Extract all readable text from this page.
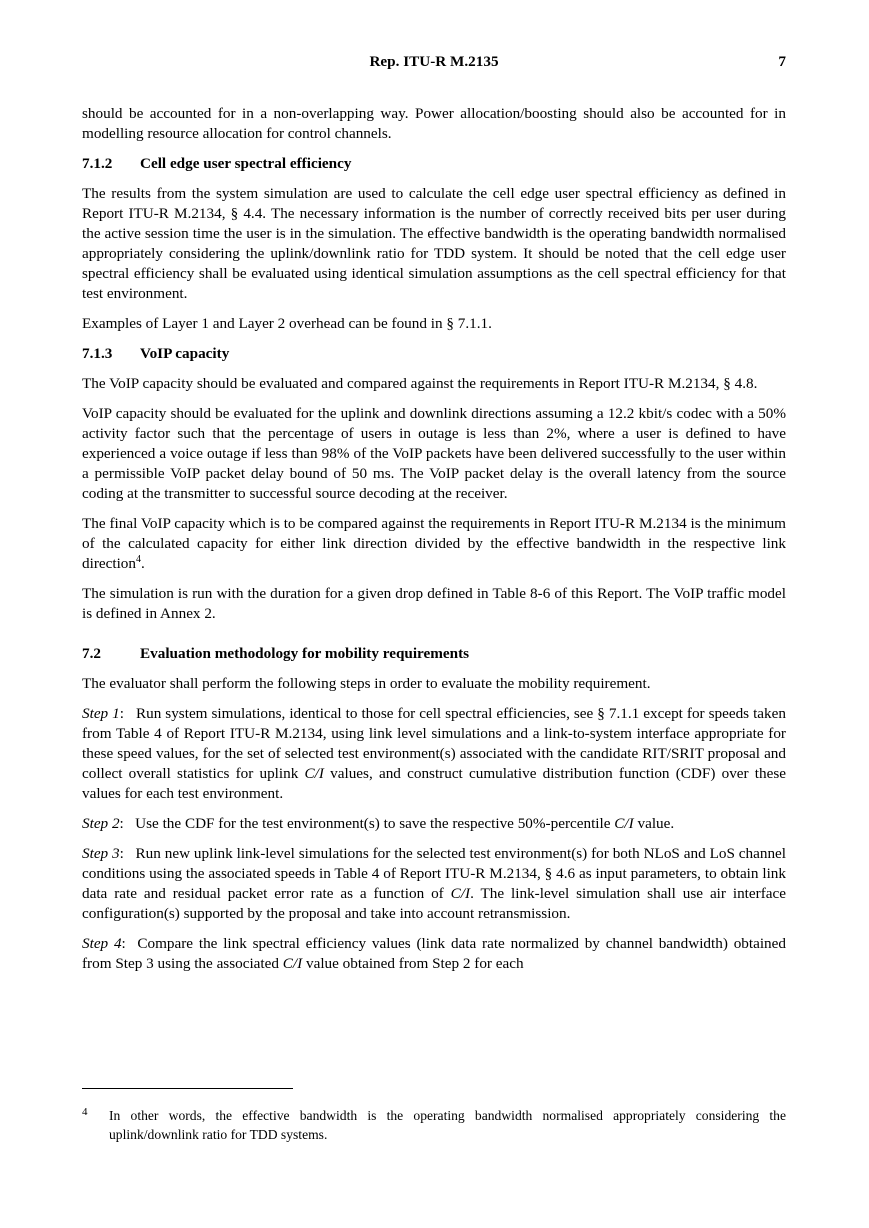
Rep. ITU-R M.2135	7

should be accounted for in a non-overlapping way. Power allocation/boosting should also be accounted for in modelling resource allocation for control channels.

7.1.2 Cell edge user spectral efficiency

The results from the system simulation are used to calculate the cell edge user spectral efficiency as defined in Report ITU-R M.2134, § 4.4. The necessary information is the number of correctly received bits per user during the active session time the user is in the simulation. The effective bandwidth is the operating bandwidth normalised appropriately considering the uplink/downlink ratio for TDD system. It should be noted that the cell edge user spectral efficiency shall be evaluated using identical simulation assumptions as the cell spectral efficiency for that test environment.

Examples of Layer 1 and Layer 2 overhead can be found in § 7.1.1.

7.1.3 VoIP capacity

The VoIP capacity should be evaluated and compared against the requirements in Report ITU-R M.2134, § 4.8.

VoIP capacity should be evaluated for the uplink and downlink directions assuming a 12.2 kbit/s codec with a 50% activity factor such that the percentage of users in outage is less than 2%, where a user is defined to have experienced a voice outage if less than 98% of the VoIP packets have been delivered successfully to the user within a permissible VoIP packet delay bound of 50 ms. The VoIP packet delay is the overall latency from the source coding at the transmitter to successful source decoding at the receiver.

The final VoIP capacity which is to be compared against the requirements in Report ITU-R M.2134 is the minimum of the calculated capacity for either link direction divided by the effective bandwidth in the respective link direction$^4$.

The simulation is run with the duration for a given drop defined in Table 8-6 of this Report. The VoIP traffic model is defined in Annex 2.

7.2	Evaluation methodology for mobility requirements

The evaluator shall perform the following steps in order to evaluate the mobility requirement.

Step 1:   Run system simulations, identical to those for cell spectral efficiencies, see § 7.1.1 except for speeds taken from Table 4 of Report ITU-R M.2134, using link level simulations and a link-to-system interface appropriate for these speed values, for the set of selected test environment(s) associated with the candidate RIT/SRIT proposal and collect overall statistics for uplink C/I values, and construct cumulative distribution function (CDF) over these values for each test environment.

Step 2:   Use the CDF for the test environment(s) to save the respective 50%-percentile C/I value.

Step 3:   Run new uplink link-level simulations for the selected test environment(s) for both NLoS and LoS channel conditions using the associated speeds in Table 4 of Report ITU-R M.2134, § 4.6 as input parameters, to obtain link data rate and residual packet error rate as a function of C/I. The link-level simulation shall use air interface configuration(s) supported by the proposal and take into account retransmission.

Step 4:  Compare the link spectral efficiency values (link data rate normalized by channel bandwidth) obtained from Step 3 using the associated C/I value obtained from Step 2 for each

4 In other words, the effective bandwidth is the operating bandwidth normalised appropriately considering the uplink/downlink ratio for TDD systems.
